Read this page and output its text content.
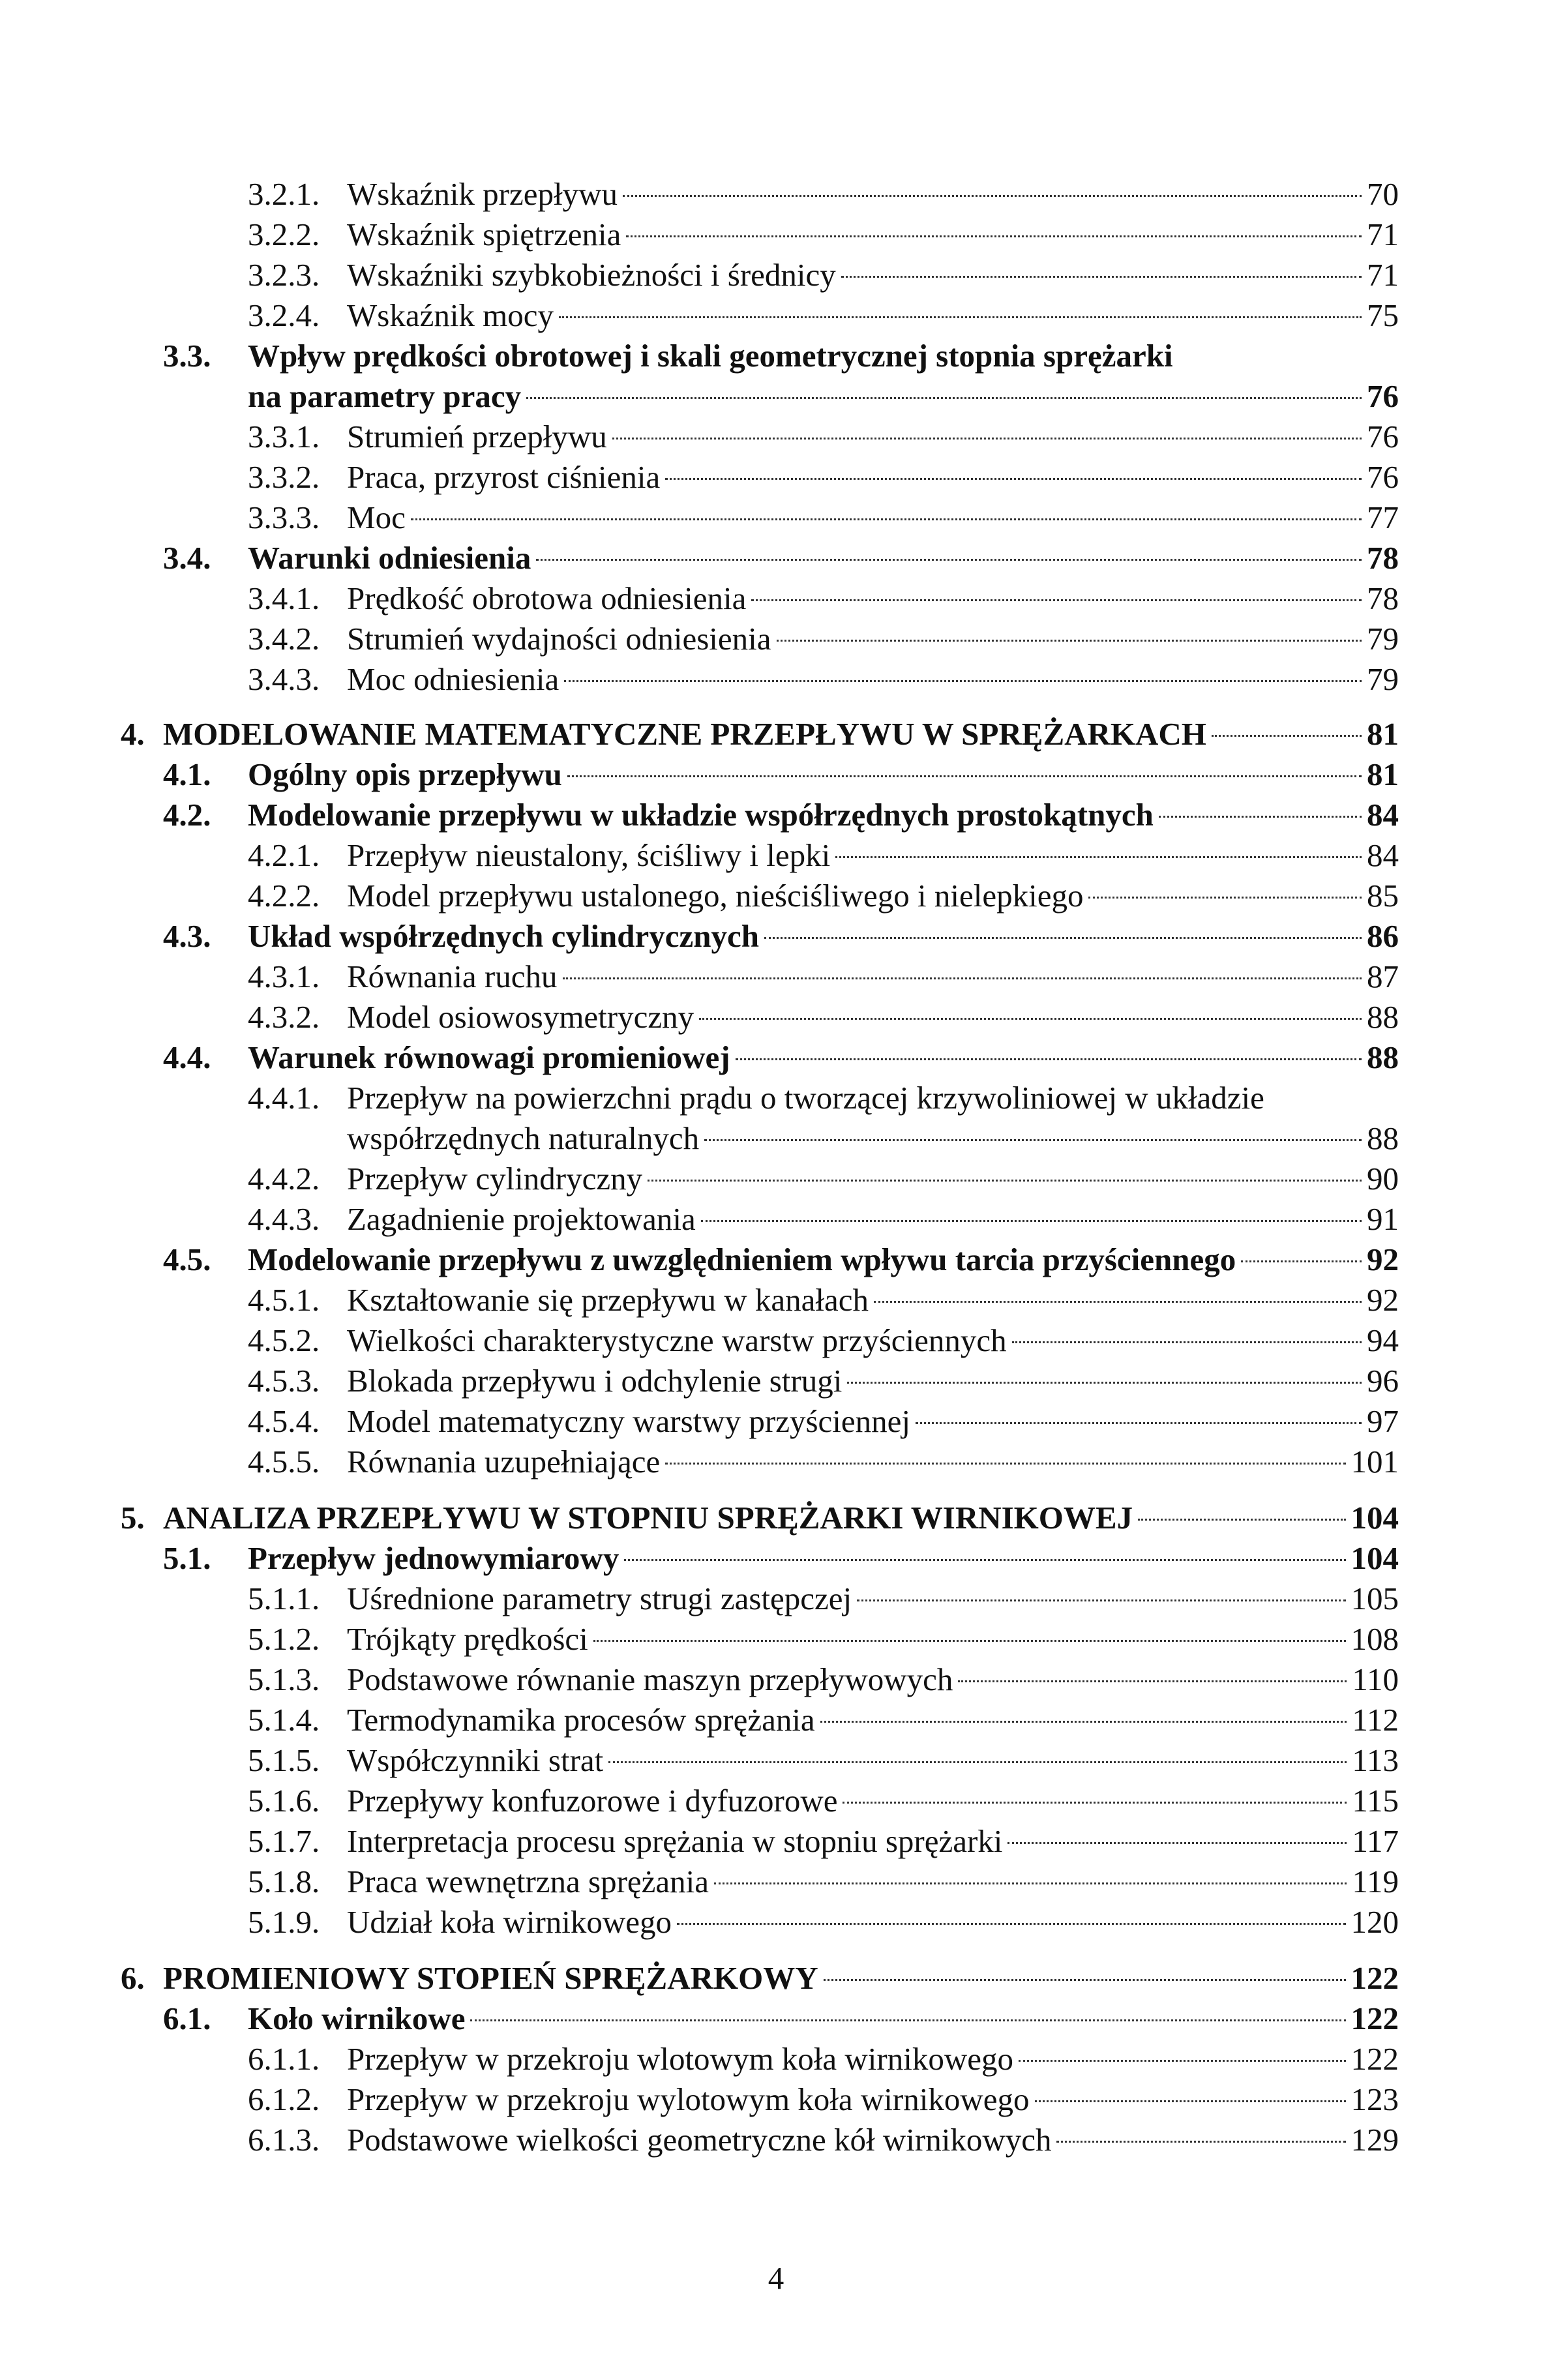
3.2.1. Wskaźnik przepływu	70
3.2.2. Wskaźnik spiętrzenia	71
3.2.3. Wskaźniki szybkobieżności i średnicy	71
3.2.4. Wskaźnik mocy	75
3.3. Wpływ prędkości obrotowej i skali geometrycznej stopnia sprężarki
na parametry pracy	76
3.3.1. Strumień przepływu	76
3.3.2. Praca, przyrost ciśnienia	76
3.3.3. Moc	77
3.4.	Warunki odniesienia	78
3.4.1. Prędkość obrotowa odniesienia	78
3.4.2. Strumień wydajności odniesienia	79
3.4.3. Moc odniesienia	79
4. MODELOWANIE MATEMATYCZNE PRZEPŁYWU W SPRĘŻARKACH	81
4.1.	Ogólny opis przepływu	81
4.2.	Modelowanie przepływu w układzie współrzędnych prostokątnych	84
4.2.1. Przepływ nieustalony, ściśliwy i lepki	84
4.2.2. Model przepływu ustalonego, nieściśliwego i nielepkiego	85
4.3.	Układ współrzędnych cylindrycznych	86
4.3.1. Równania ruchu	87
4.3.2. Model osiowosymetryczny	88
4.4.	Warunek równowagi promieniowej	88
4.4.1. Przepływ na powierzchni prądu o tworzącej krzywoliniowej w układzie
współrzędnych naturalnych	88
4.4.2. Przepływ cylindryczny	90
4.4.3. Zagadnienie projektowania	91
4.5.	Modelowanie przepływu z uwzględnieniem wpływu tarcia przyściennego	92
4.5.1. Kształtowanie się przepływu w kanałach	92
4.5.2. Wielkości charakterystyczne warstw przyściennych	94
4.5.3. Blokada przepływu i odchylenie strugi	96
4.5.4. Model matematyczny warstwy przyściennej	97
4.5.5. Równania uzupełniające	101
5. ANALIZA PRZEPŁYWU W STOPNIU SPRĘŻARKI WIRNIKOWEJ	104
5.1.	Przepływ jednowymiarowy	104
5.1.1. Uśrednione parametry strugi zastępczej	105
5.1.2. Trójkąty prędkości	108
5.1.3. Podstawowe równanie maszyn przepływowych	110
5.1.4. Termodynamika procesów sprężania	112
5.1.5. Współczynniki strat	113
5.1.6. Przepływy konfuzorowe i dyfuzorowe	115
5.1.7. Interpretacja procesu sprężania w stopniu sprężarki	117
5.1.8. Praca wewnętrzna sprężania	119
5.1.9. Udział koła wirnikowego	120
6. PROMIENIOWY STOPIEŃ SPRĘŻARKOWY	122
6.1.	Koło wirnikowe	122
6.1.1. Przepływ w przekroju wlotowym koła wirnikowego	122
6.1.2. Przepływ w przekroju wylotowym koła wirnikowego	123
6.1.3. Podstawowe wielkości geometryczne kół wirnikowych	129
4
